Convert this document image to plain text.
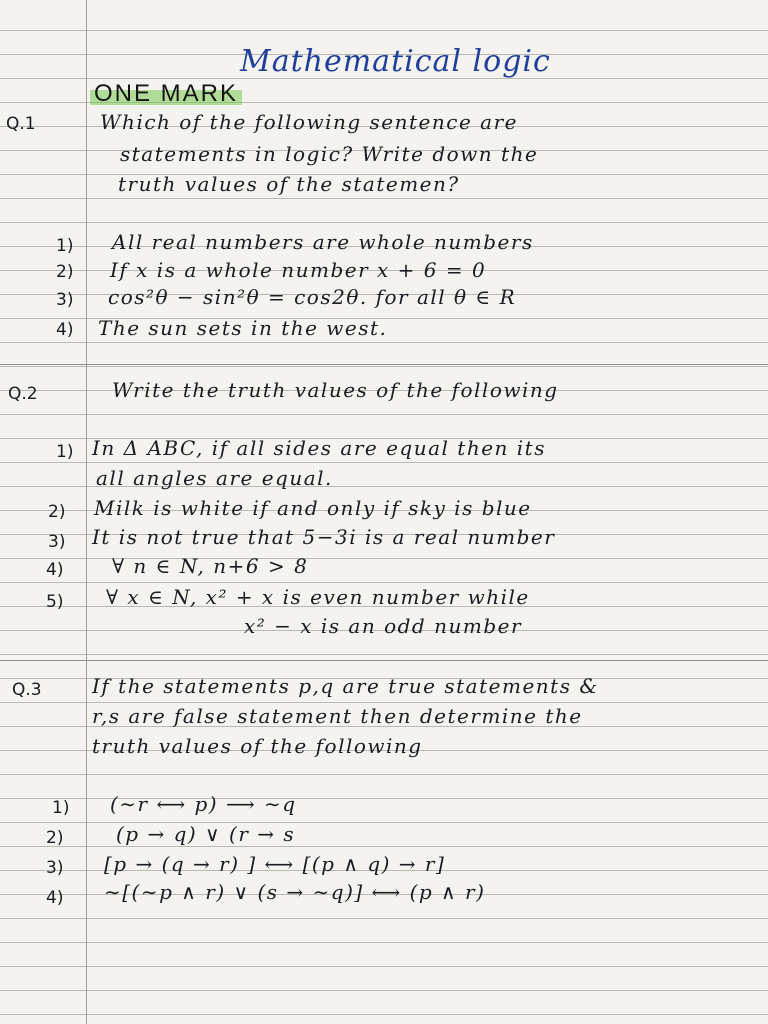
Mathematical logic
ONE MARK
Q.1	Which of the following sentence are
statements in logic? Write down the
truth values of the statemen?
1) All real numbers are whole numbers
2) If x is a whole number x + 6 = 0
3) cos²θ − sin²θ = cos2θ. for all θ ∈ R
4) The sun sets in the west.
Q.2	Write the truth values of the following
1) In Δ ABC, if all sides are equal then its
all angles are equal.
2) Milk is white if and only if sky is blue
3) It is not true that 5−3i is a real number
4) ∀ n ∈ N, n+6 > 8
5) ∀ x ∈ N, x² + x is even number while
x² − x is an odd number
Q.3	If the statements p,q are true statements &
r,s are false statement then determine the
truth values of the following
1) (∼r ⟷ p) ⟶ ∼q
2)	(p → q) ∨ (r → s
3) [p → (q → r) ] ⟷ [(p ∧ q) → r]
4) ∼[(∼p ∧ r) ∨ (s → ∼q)] ⟷ (p ∧ r)
